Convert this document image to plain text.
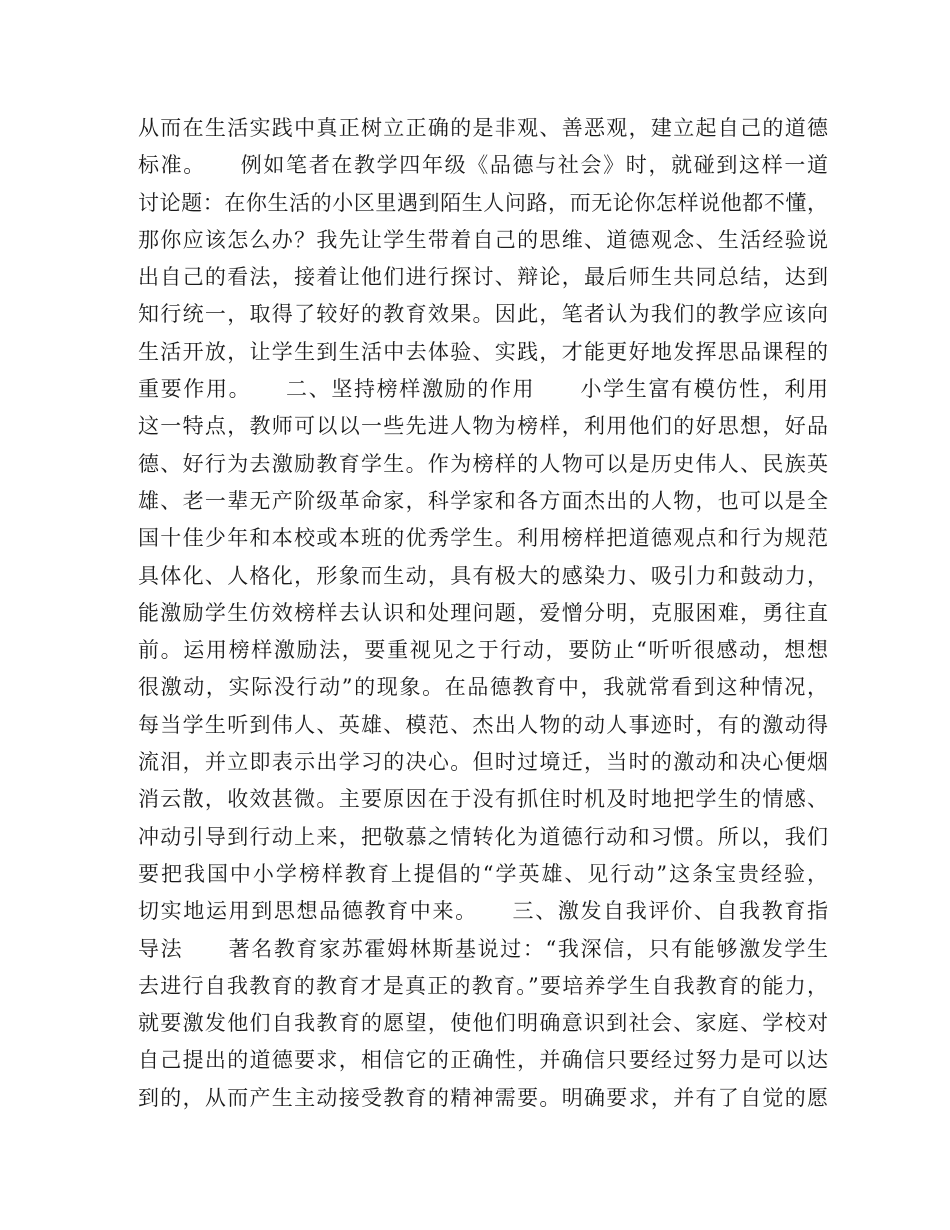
从而在生活实践中真正树立正确的是非观、善恶观，建立起自己的道德
标准。　　例如笔者在教学四年级《品德与社会》时，就碰到这样一道
讨论题：在你生活的小区里遇到陌生人问路，而无论你怎样说他都不懂，
那你应该怎么办？我先让学生带着自己的思维、道德观念、生活经验说
出自己的看法，接着让他们进行探讨、辩论，最后师生共同总结，达到
知行统一，取得了较好的教育效果。因此，笔者认为我们的教学应该向
生活开放，让学生到生活中去体验、实践，才能更好地发挥思品课程的
重要作用。　　二、坚持榜样激励的作用　　小学生富有模仿性，利用
这一特点，教师可以以一些先进人物为榜样，利用他们的好思想，好品
德、好行为去激励教育学生。作为榜样的人物可以是历史伟人、民族英
雄、老一辈无产阶级革命家，科学家和各方面杰出的人物，也可以是全
国十佳少年和本校或本班的优秀学生。利用榜样把道德观点和行为规范
具体化、人格化，形象而生动，具有极大的感染力、吸引力和鼓动力，
能激励学生仿效榜样去认识和处理问题，爱憎分明，克服困难，勇往直
前。运用榜样激励法，要重视见之于行动，要防止“听听很感动，想想
很激动，实际没行动”的现象。在品德教育中，我就常看到这种情况，
每当学生听到伟人、英雄、模范、杰出人物的动人事迹时，有的激动得
流泪，并立即表示出学习的决心。但时过境迁，当时的激动和决心便烟
消云散，收效甚微。主要原因在于没有抓住时机及时地把学生的情感、
冲动引导到行动上来，把敬慕之情转化为道德行动和习惯。所以，我们
要把我国中小学榜样教育上提倡的“学英雄、见行动”这条宝贵经验，
切实地运用到思想品德教育中来。　　三、激发自我评价、自我教育指
导法　　著名教育家苏霍姆林斯基说过：“我深信，只有能够激发学生
去进行自我教育的教育才是真正的教育。”要培养学生自我教育的能力，
就要激发他们自我教育的愿望，使他们明确意识到社会、家庭、学校对
自己提出的道德要求，相信它的正确性，并确信只要经过努力是可以达
到的，从而产生主动接受教育的精神需要。明确要求，并有了自觉的愿
